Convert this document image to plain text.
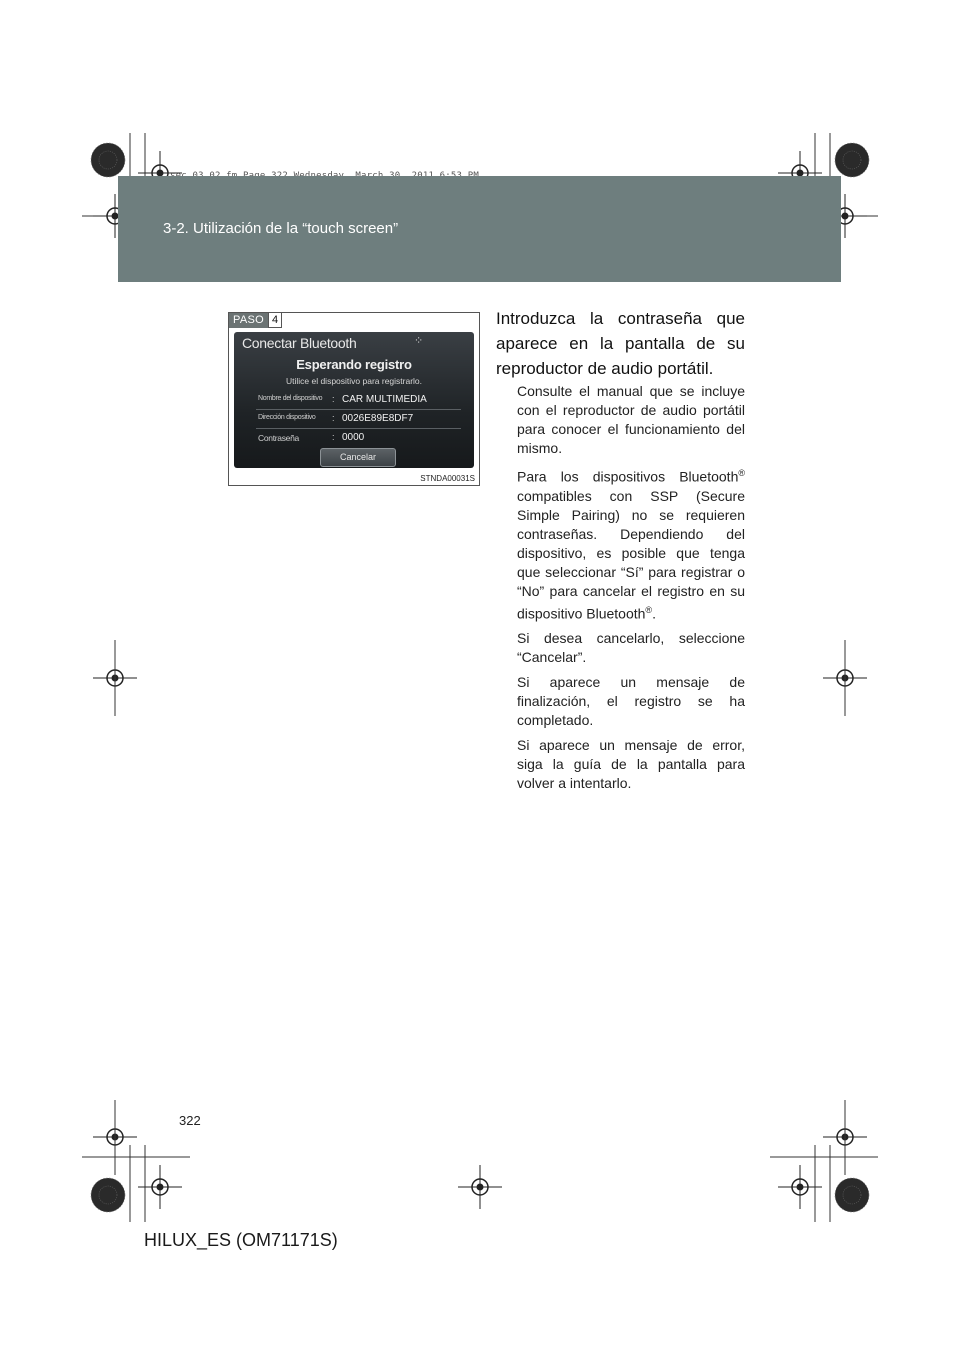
3-2. Utilización de la “touch screen”
PASO 4
Conectar Bluetooth	⁘
Esperando registro
Utilice el dispositivo para registrarlo.
Nombre del dispositivo : CAR MULTIMEDIA
Dirección dispositivo : 0026E89E8DF7
Contraseña	: 0000
Cancelar
STNDA00031S
Introduzca la contraseña que aparece en la pantalla de su reproductor de audio portátil.
Consulte el manual que se incluye con el reproductor de audio portátil para conocer el funcionamiento del mismo.
Para los dispositivos Bluetooth® compatibles con SSP (Secure Simple Pairing) no se requieren contraseñas. Dependiendo del dispositivo, es posible que tenga que seleccionar “Sí” para registrar o “No” para cancelar el registro en su dispositivo Bluetooth®.
Si desea cancelarlo, seleccione “Cancelar”.
Si aparece un mensaje de finalización, el registro se ha completado.
Si aparece un mensaje de error, siga la guía de la pantalla para volver a intentarlo.
322
HILUX_ES (OM71171S)
